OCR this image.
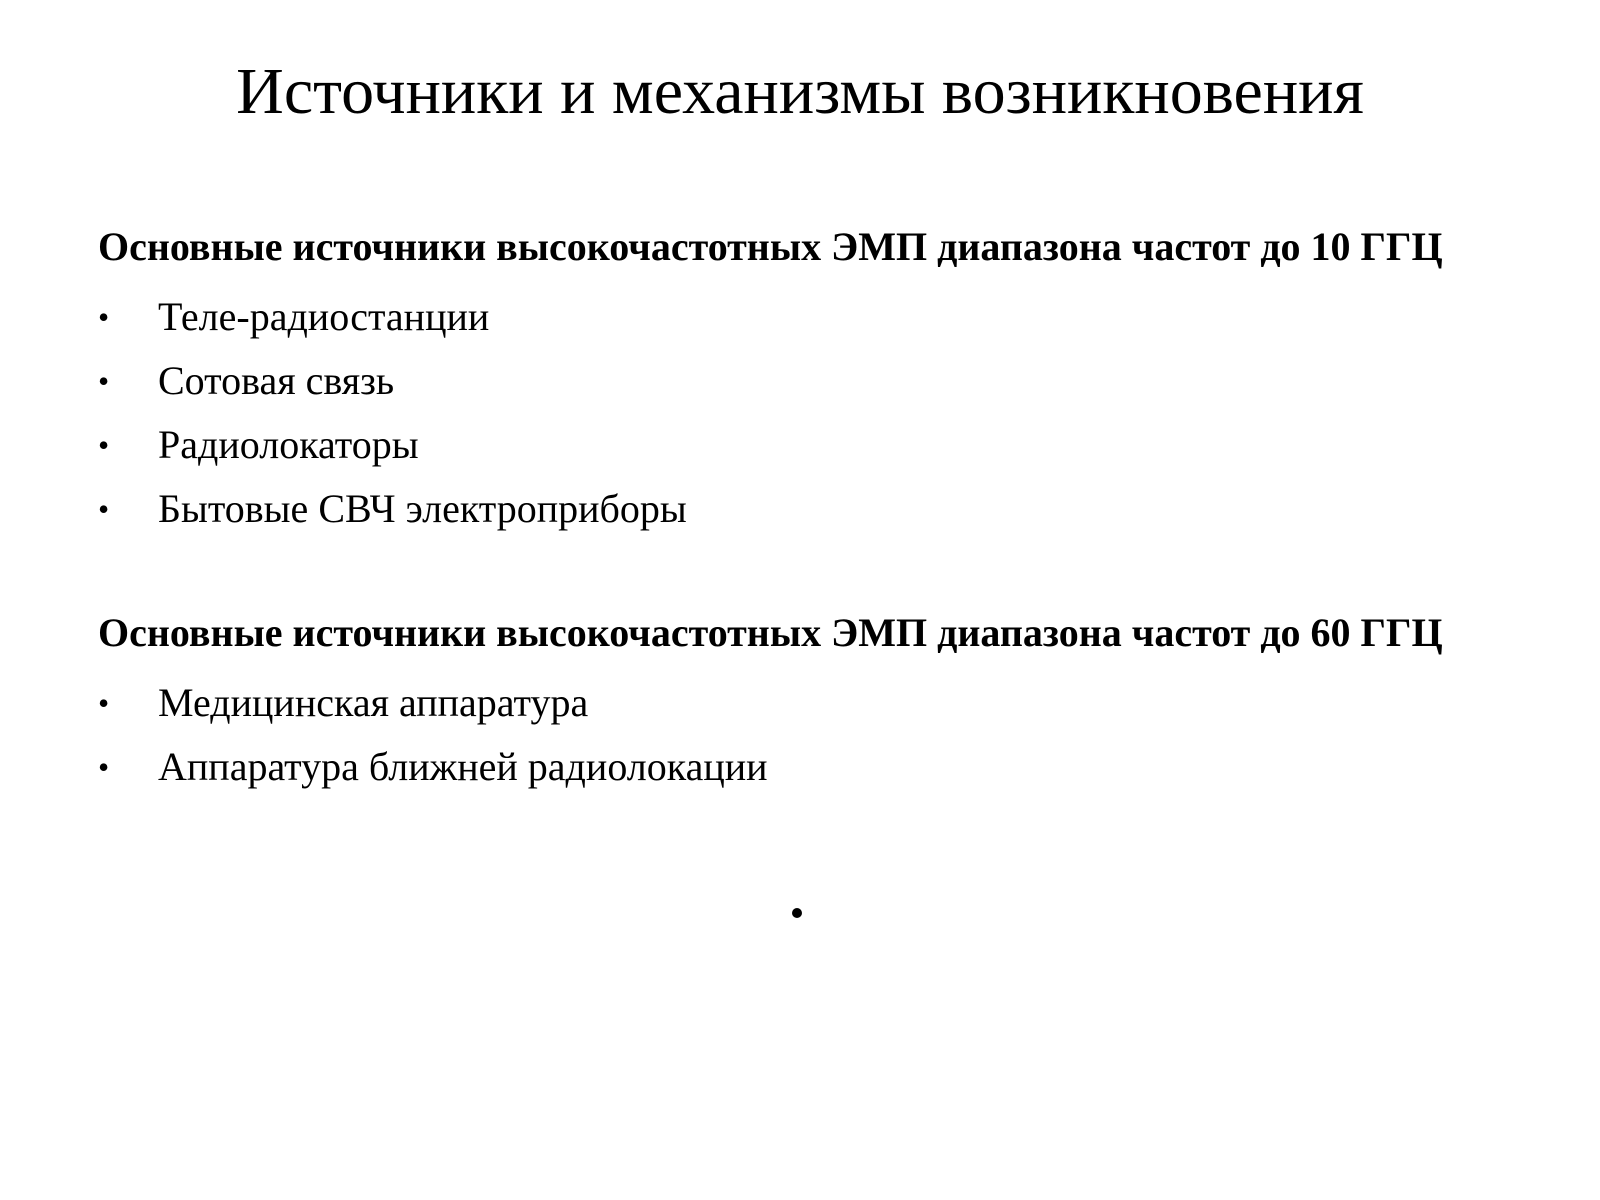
Источники и механизмы возникновения

Основные источники высокочастотных ЭМП диапазона частот до 10 ГГЦ

• Теле-радиостанции
• Сотовая связь
• Радиолокаторы
• Бытовые СВЧ электроприборы

Основные источники высокочастотных ЭМП диапазона частот до 60 ГГЦ

• Медицинская аппаратура
• Аппаратура ближней радиолокации
